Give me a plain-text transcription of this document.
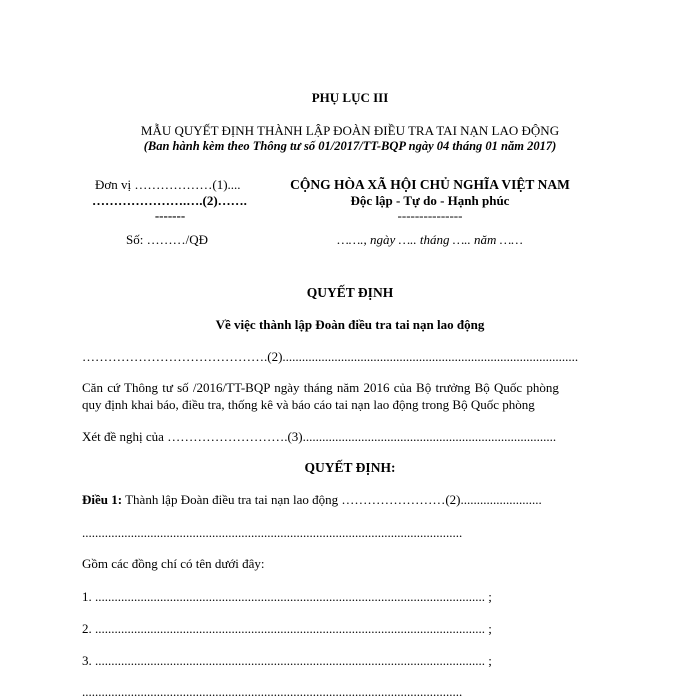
PHỤ LỤC III
MẪU QUYẾT ĐỊNH THÀNH LẬP ĐOÀN ĐIỀU TRA TAI NẠN LAO ĐỘNG
(Ban hành kèm theo Thông tư số 01/2017/TT-BQP ngày 04 tháng 01 năm 2017)
Đơn vị ………………(1)....
………………….….(2)…….
-------
Số: ………/QĐ
CỘNG HÒA XÃ HỘI CHỦ NGHĨA VIỆT NAM
Độc lập - Tự do - Hạnh phúc
---------------
……., ngày ….. tháng ….. năm ……
QUYẾT ĐỊNH
Về việc thành lập Đoàn điều tra tai nạn lao động
…………………………………….(2)...........................................................................................
Căn cứ Thông tư số /2016/TT-BQP ngày tháng năm 2016 của Bộ trưởng Bộ Quốc phòng
quy định khai báo, điều tra, thống kê và báo cáo tai nạn lao động trong Bộ Quốc phòng
Xét đề nghị của ……………………….(3)..............................................................................
QUYẾT ĐỊNH:
Điều 1: Thành lập Đoàn điều tra tai nạn lao động ……………………(2).........................
.....................................................................................................................
Gồm các đồng chí có tên dưới đây:
1. ........................................................................................................................ ;
2. ........................................................................................................................ ;
3. ........................................................................................................................ ;
.....................................................................................................................
